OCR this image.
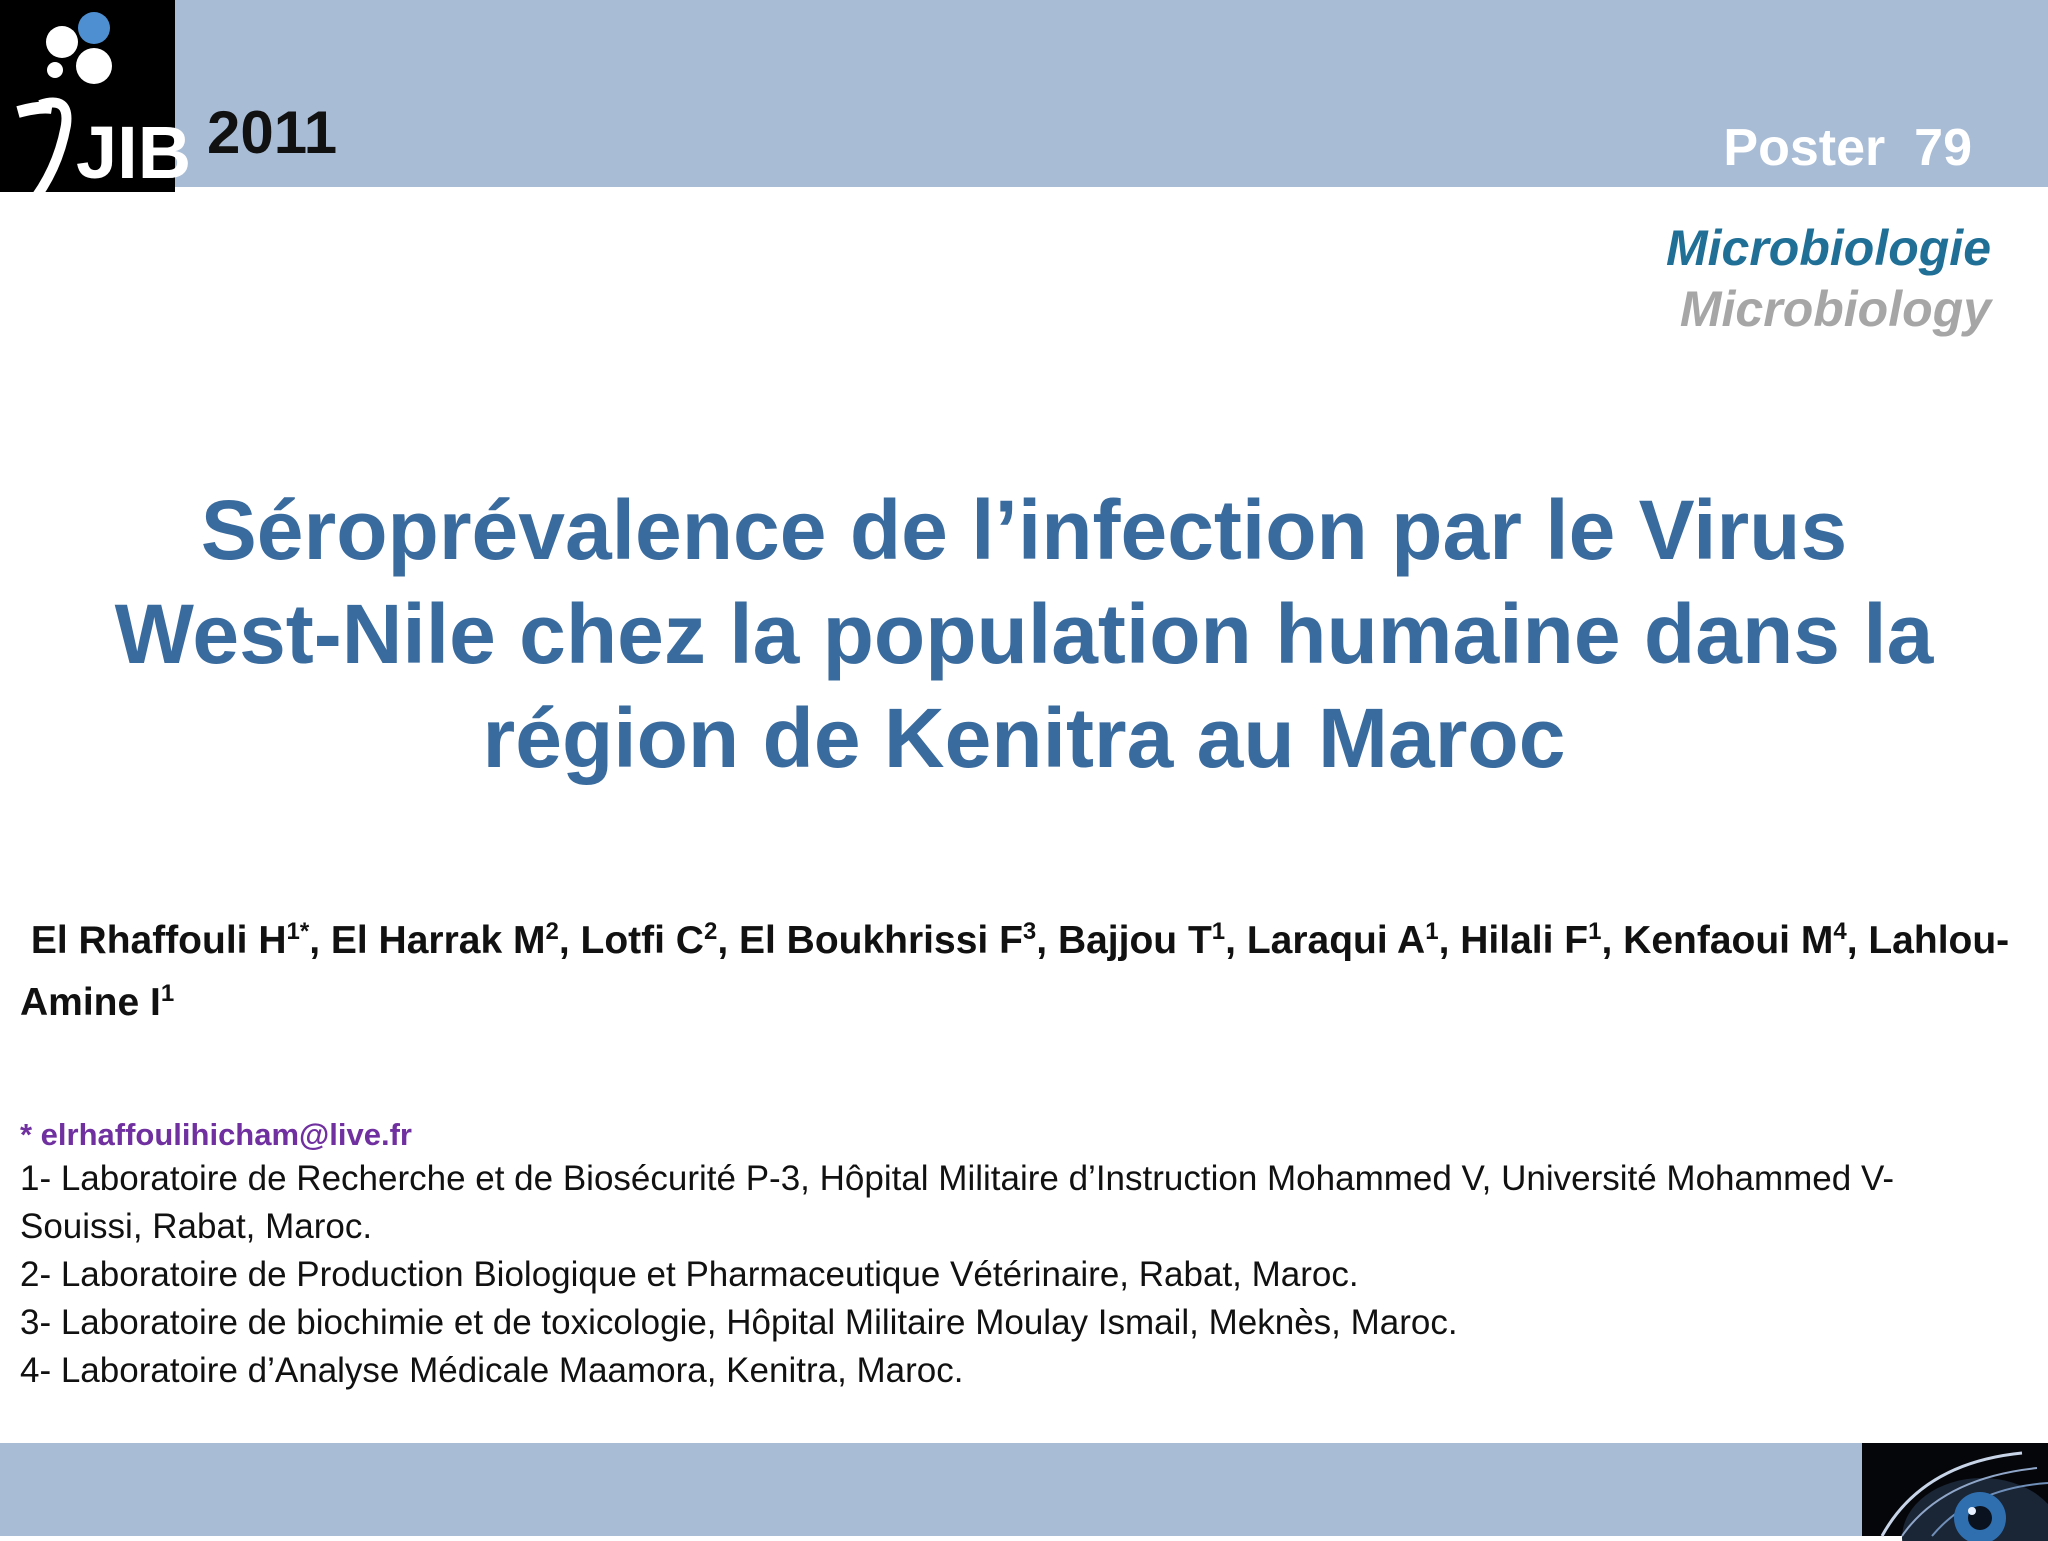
JIB 2011	Poster  79
Microbiologie
Microbiology
Séroprévalence de l’infection par le Virus
West-Nile chez la population humaine dans la
région de Kenitra au Maroc
El Rhaffouli $H^{1*}$, El Harrak $M^2$, Lotfi $C^2$, El Boukhrissi $F^3$, Bajjou $T^1$, Laraqui $A^1$, Hilali $F^1$, Kenfaoui $M^4$, Lahlou-Amine $I^1$
* elrhaffoulihicham@live.fr
1- Laboratoire de Recherche et de Biosécurité P-3, Hôpital Militaire d’Instruction Mohammed V, Université Mohammed V-Souissi, Rabat, Maroc.
2- Laboratoire de Production Biologique et Pharmaceutique Vétérinaire, Rabat, Maroc.
3- Laboratoire de biochimie et de toxicologie, Hôpital Militaire Moulay Ismail, Meknès, Maroc.
4- Laboratoire d’Analyse Médicale Maamora, Kenitra, Maroc.
